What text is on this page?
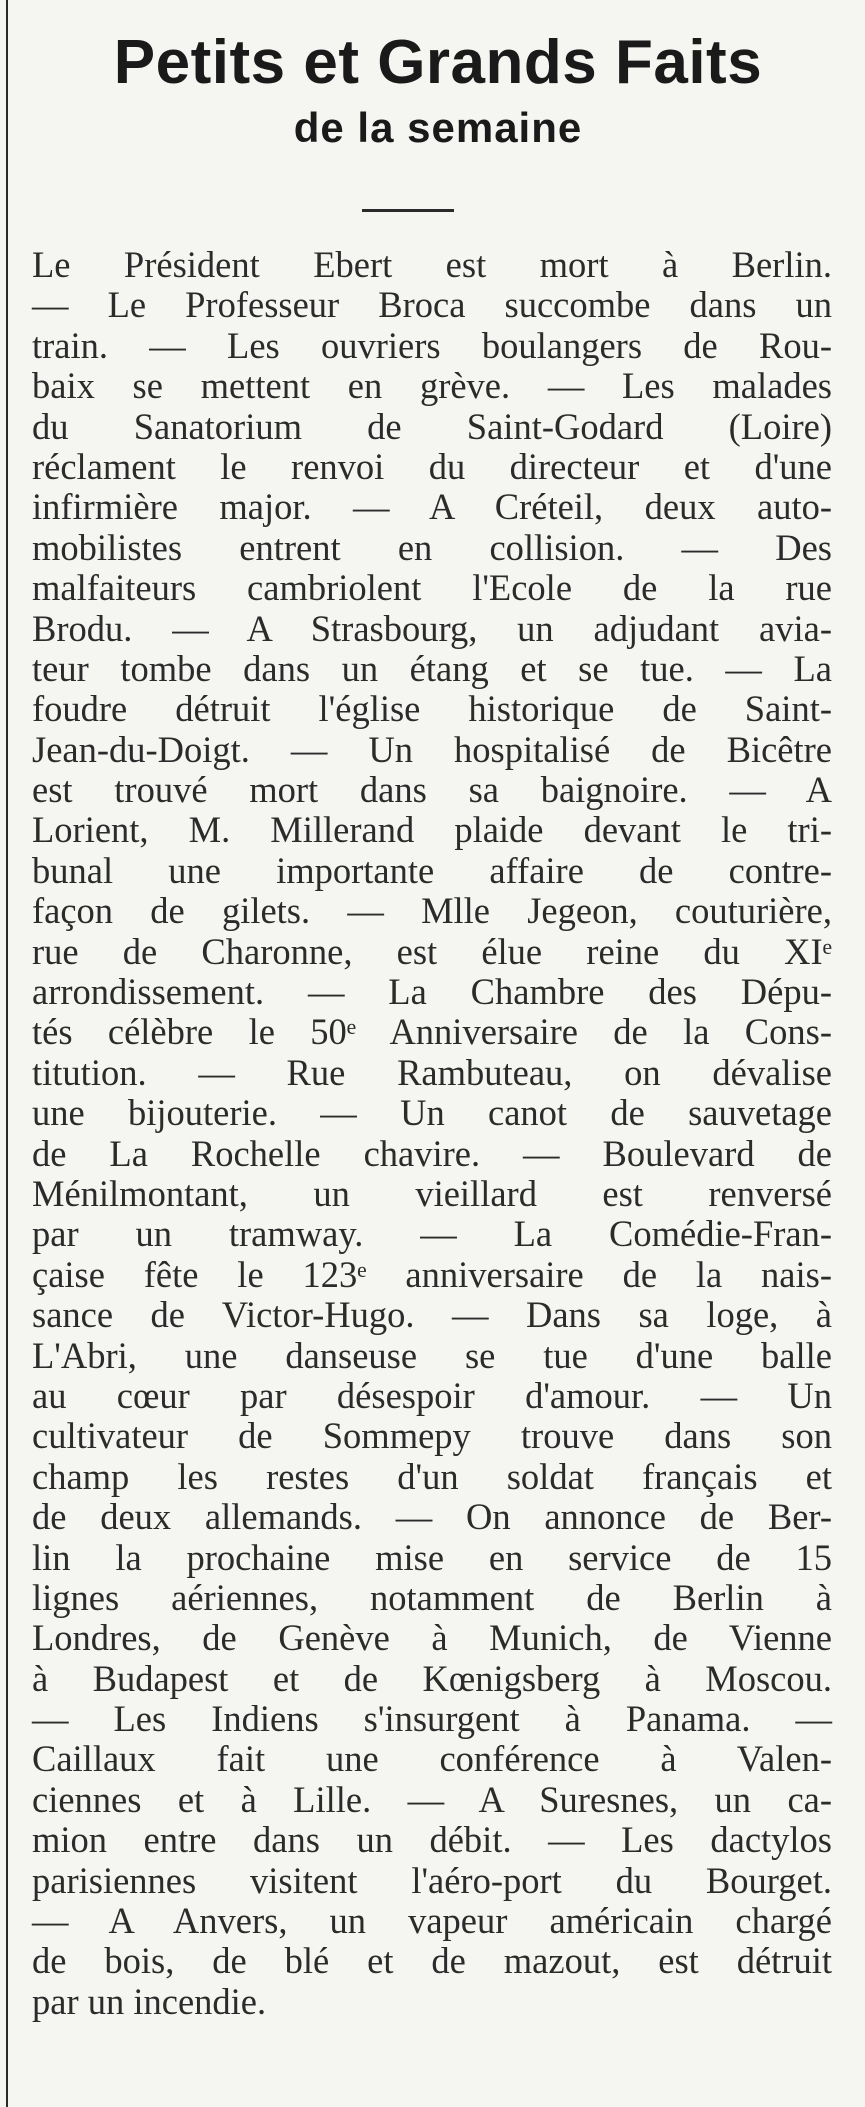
Petits et Grands Faits
de la semaine
Le Président Ebert est mort à Berlin.
— Le Professeur Broca succombe dans un
train. — Les ouvriers boulangers de Rou-
baix se mettent en grève. — Les malades
du Sanatorium de Saint-Godard (Loire)
réclament le renvoi du directeur et d'une
infirmière major. — A Créteil, deux auto-
mobilistes entrent en collision. — Des
malfaiteurs cambriolent l'Ecole de la rue
Brodu. — A Strasbourg, un adjudant avia-
teur tombe dans un étang et se tue. — La
foudre détruit l'église historique de Saint-
Jean-du-Doigt. — Un hospitalisé de Bicêtre
est trouvé mort dans sa baignoire. — A
Lorient, M. Millerand plaide devant le tri-
bunal une importante affaire de contre-
façon de gilets. — Mlle Jegeon, couturière,
rue de Charonne, est élue reine du XIᵉ
arrondissement. — La Chambre des Dépu-
tés célèbre le 50ᵉ Anniversaire de la Cons-
titution. — Rue Rambuteau, on dévalise
une bijouterie. — Un canot de sauvetage
de La Rochelle chavire. — Boulevard de
Ménilmontant, un vieillard est renversé
par un tramway. — La Comédie-Fran-
çaise fête le 123ᵉ anniversaire de la nais-
sance de Victor-Hugo. — Dans sa loge, à
L'Abri, une danseuse se tue d'une balle
au cœur par désespoir d'amour. — Un
cultivateur de Sommepy trouve dans son
champ les restes d'un soldat français et
de deux allemands. — On annonce de Ber-
lin la prochaine mise en service de 15
lignes aériennes, notamment de Berlin à
Londres, de Genève à Munich, de Vienne
à Budapest et de Kœnigsberg à Moscou.
— Les Indiens s'insurgent à Panama. —
Caillaux fait une conférence à Valen-
ciennes et à Lille. — A Suresnes, un ca-
mion entre dans un débit. — Les dactylos
parisiennes visitent l'aéro-port du Bourget.
— A Anvers, un vapeur américain chargé
de bois, de blé et de mazout, est détruit
par un incendie.
